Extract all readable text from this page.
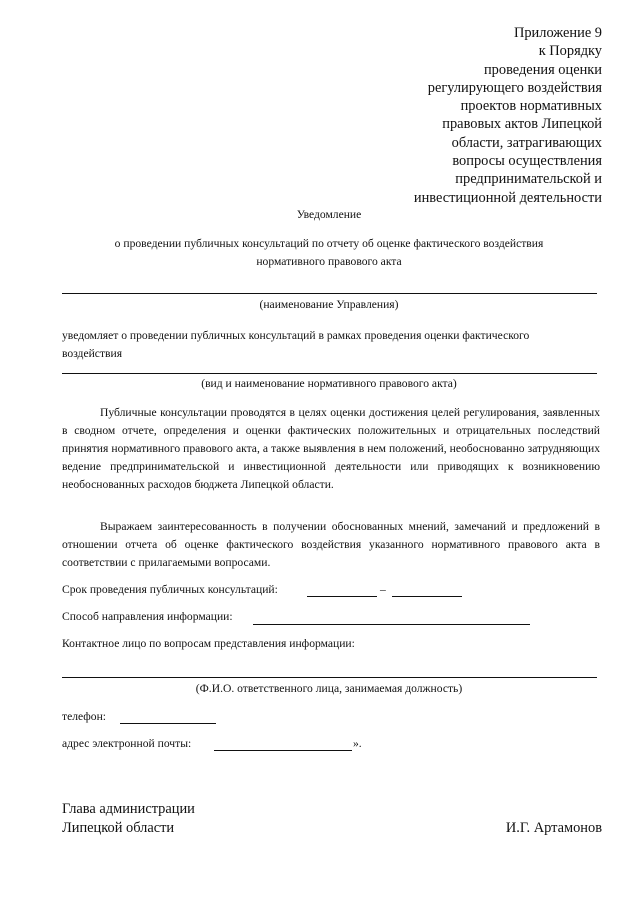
Приложение 9
к Порядку
проведения оценки
регулирующего воздействия
проектов нормативных
правовых актов Липецкой
области, затрагивающих
вопросы осуществления
предпринимательской и
инвестиционной деятельности
Уведомление
о проведении публичных консультаций по отчету об оценке фактического воздействия
нормативного правового акта
(наименование Управления)
уведомляет о проведении публичных консультаций в рамках проведения оценки фактического воздействия
(вид и наименование нормативного правового акта)
Публичные консультации проводятся в целях оценки достижения целей регулирования, заявленных в сводном отчете, определения и оценки фактических положительных и отрицательных последствий принятия нормативного правового акта, а также выявления в нем положений, необоснованно затрудняющих ведение предпринимательской и инвестиционной деятельности или приводящих к возникновению необоснованных расходов бюджета Липецкой области.
Выражаем заинтересованность в получении обоснованных мнений, замечаний и предложений в отношении отчета об оценке фактического воздействия указанного нормативного правового акта в соответствии с прилагаемыми вопросами.
Срок проведения публичных консультаций:	–
Способ направления информации:
Контактное лицо по вопросам представления информации:
(Ф.И.О. ответственного лица, занимаемая должность)
телефон:
адрес электронной почты:	».
Глава администрации
Липецкой области	И.Г. Артамонов
